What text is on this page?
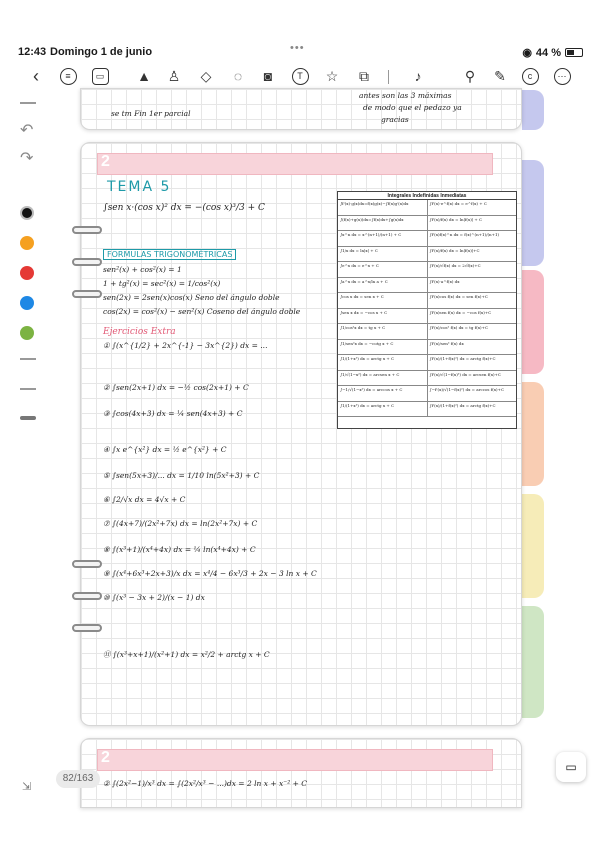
12:43 Domingo 1 de junio	•••	◉ 44 %
‹	≡	▭	▲ ♙	◇	◌	◙	T	☆	⧉	♪	⚲	✎	c	⋯
↶
↷
se tm Fin 1er parcial
antes son las 3 máximas
de modo que el pedazo ya
gracias
2
TEMA 5
∫sen x·(cos x)² dx = −(cos x)³/3 + C
FORMULAS TRIGONOMÉTRICAS
sen²(x) + cos²(x) = 1
1 + tg²(x) = sec²(x) = 1/cos²(x)
sen(2x) = 2sen(x)cos(x) Seno del ángulo doble
cos(2x) = cos²(x) − sen²(x) Coseno del ángulo doble
Ejercicios Extra
① ∫(x^{1/2} + 2x^{-1} − 3x^{2}) dx = ...
② ∫sen(2x+1) dx = −½ cos(2x+1) + C
③ ∫cos(4x+3) dx = ¼ sen(4x+3) + C
④ ∫x e^{x²} dx = ½ e^{x²} + C
⑤ ∫sen(5x+3)/... dx = 1/10 ln(5x²+3) + C
⑥ ∫2/√x dx = 4√x + C
⑦ ∫(4x+7)/(2x²+7x) dx = ln(2x²+7x) + C
⑧ ∫(x³+1)/(x⁴+4x) dx = ¼ ln(x⁴+4x) + C
⑨ ∫(x⁴+6x³+2x+3)/x dx = x⁴/4 − 6x³/3 + 2x − 3 ln x + C
⑩ ∫(x³ − 3x + 2)/(x − 1) dx
⑪ ∫(x³+x+1)/(x²+1) dx = x²/2 + arctg x + C
Integrales Indefinidas Inmediatas
∫f'(x)·g(x)dx=f(x)g(x)−∫f(x)g'(x)dx	∫f'(x)·e^f(x) dx = e^f(x) + C
∫(f(x)+g(x))dx=∫f(x)dx+∫g(x)dx	∫f'(x)/f(x) dx = ln|f(x)| + C
∫x^n dx = x^(n+1)/(n+1) + C	∫f'(x)f(x)^n dx = f(x)^(n+1)/(n+1)
∫1/x dx = ln|x| + C	∫f'(x)/f(x) dx = ln|f(x)|+C
∫e^x dx = e^x + C	∫f'(x)/√f(x) dx = 2√f(x)+C
∫a^x dx = a^x/ln a + C	∫f'(x)·a^f(x) dx
∫cos x dx = sen x + C	∫f'(x)cos f(x) dx = sen f(x)+C
∫sen x dx = −cos x + C	∫f'(x)sen f(x) dx = −cos f(x)+C
∫1/cos²x dx = tg x + C	∫f'(x)/cos² f(x) dx = tg f(x)+C
∫1/sen²x dx = −cotg x + C	∫f'(x)/sen² f(x) dx
∫1/(1+x²) dx = arctg x + C	∫f'(x)/(1+f(x)²) dx = arctg f(x)+C
∫1/√(1−x²) dx = arcsen x + C	∫f'(x)/√(1−f(x)²) dx = arcsen f(x)+C
∫−1/√(1−x²) dx = arccos x + C	∫−f'(x)/√(1−f(x)²) dx = arccos f(x)+C
∫1/(1+x²) dx = arctg x + C	∫f'(x)/(1+f(x)²) dx = arctg f(x)+C
2
② ∫(2x²−1)/x³ dx = ∫(2x²/x³ − ...)dx = 2 ln x + x⁻² + C
⇲
82/163
▭
